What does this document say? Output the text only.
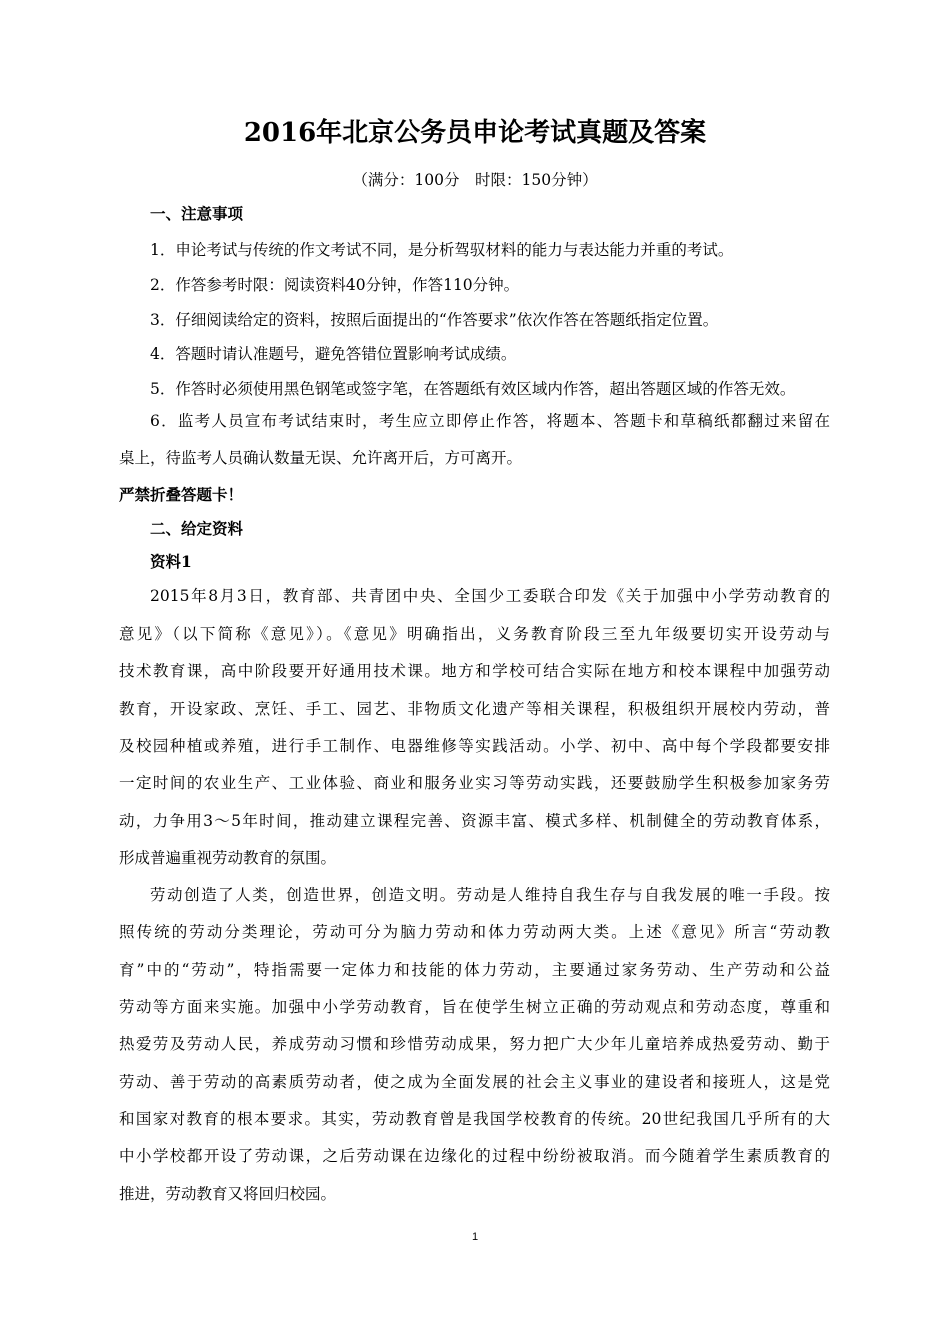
2016年北京公务员申论考试真题及答案
（满分：100分　时限：150分钟）
一、注意事项
1．申论考试与传统的作文考试不同，是分析驾驭材料的能力与表达能力并重的考试。
2．作答参考时限：阅读资料40分钟，作答110分钟。
3．仔细阅读给定的资料，按照后面提出的“作答要求”依次作答在答题纸指定位置。
4．答题时请认准题号，避免答错位置影响考试成绩。
5．作答时必须使用黑色钢笔或签字笔，在答题纸有效区域内作答，超出答题区域的作答无效。
6．监考人员宣布考试结束时，考生应立即停止作答，将题本、答题卡和草稿纸都翻过来留在
桌上，待监考人员确认数量无误、允许离开后，方可离开。
严禁折叠答题卡！
二、给定资料
资料1
2015年8月3日，教育部、共青团中央、全国少工委联合印发《关于加强中小学劳动教育的
意见》（以下简称《意见》）。《意见》明确指出，义务教育阶段三至九年级要切实开设劳动与
技术教育课，高中阶段要开好通用技术课。地方和学校可结合实际在地方和校本课程中加强劳动
教育，开设家政、烹饪、手工、园艺、非物质文化遗产等相关课程，积极组织开展校内劳动，普
及校园种植或养殖，进行手工制作、电器维修等实践活动。小学、初中、高中每个学段都要安排
一定时间的农业生产、工业体验、商业和服务业实习等劳动实践，还要鼓励学生积极参加家务劳
动，力争用3～5年时间，推动建立课程完善、资源丰富、模式多样、机制健全的劳动教育体系，
形成普遍重视劳动教育的氛围。
劳动创造了人类，创造世界，创造文明。劳动是人维持自我生存与自我发展的唯一手段。按
照传统的劳动分类理论，劳动可分为脑力劳动和体力劳动两大类。上述《意见》所言“劳动教
育”中的“劳动”，特指需要一定体力和技能的体力劳动，主要通过家务劳动、生产劳动和公益
劳动等方面来实施。加强中小学劳动教育，旨在使学生树立正确的劳动观点和劳动态度，尊重和
热爱劳及劳动人民，养成劳动习惯和珍惜劳动成果，努力把广大少年儿童培养成热爱劳动、勤于
劳动、善于劳动的高素质劳动者，使之成为全面发展的社会主义事业的建设者和接班人，这是党
和国家对教育的根本要求。其实，劳动教育曾是我国学校教育的传统。20世纪我国几乎所有的大
中小学校都开设了劳动课，之后劳动课在边缘化的过程中纷纷被取消。而今随着学生素质教育的
推进，劳动教育又将回归校园。
1
